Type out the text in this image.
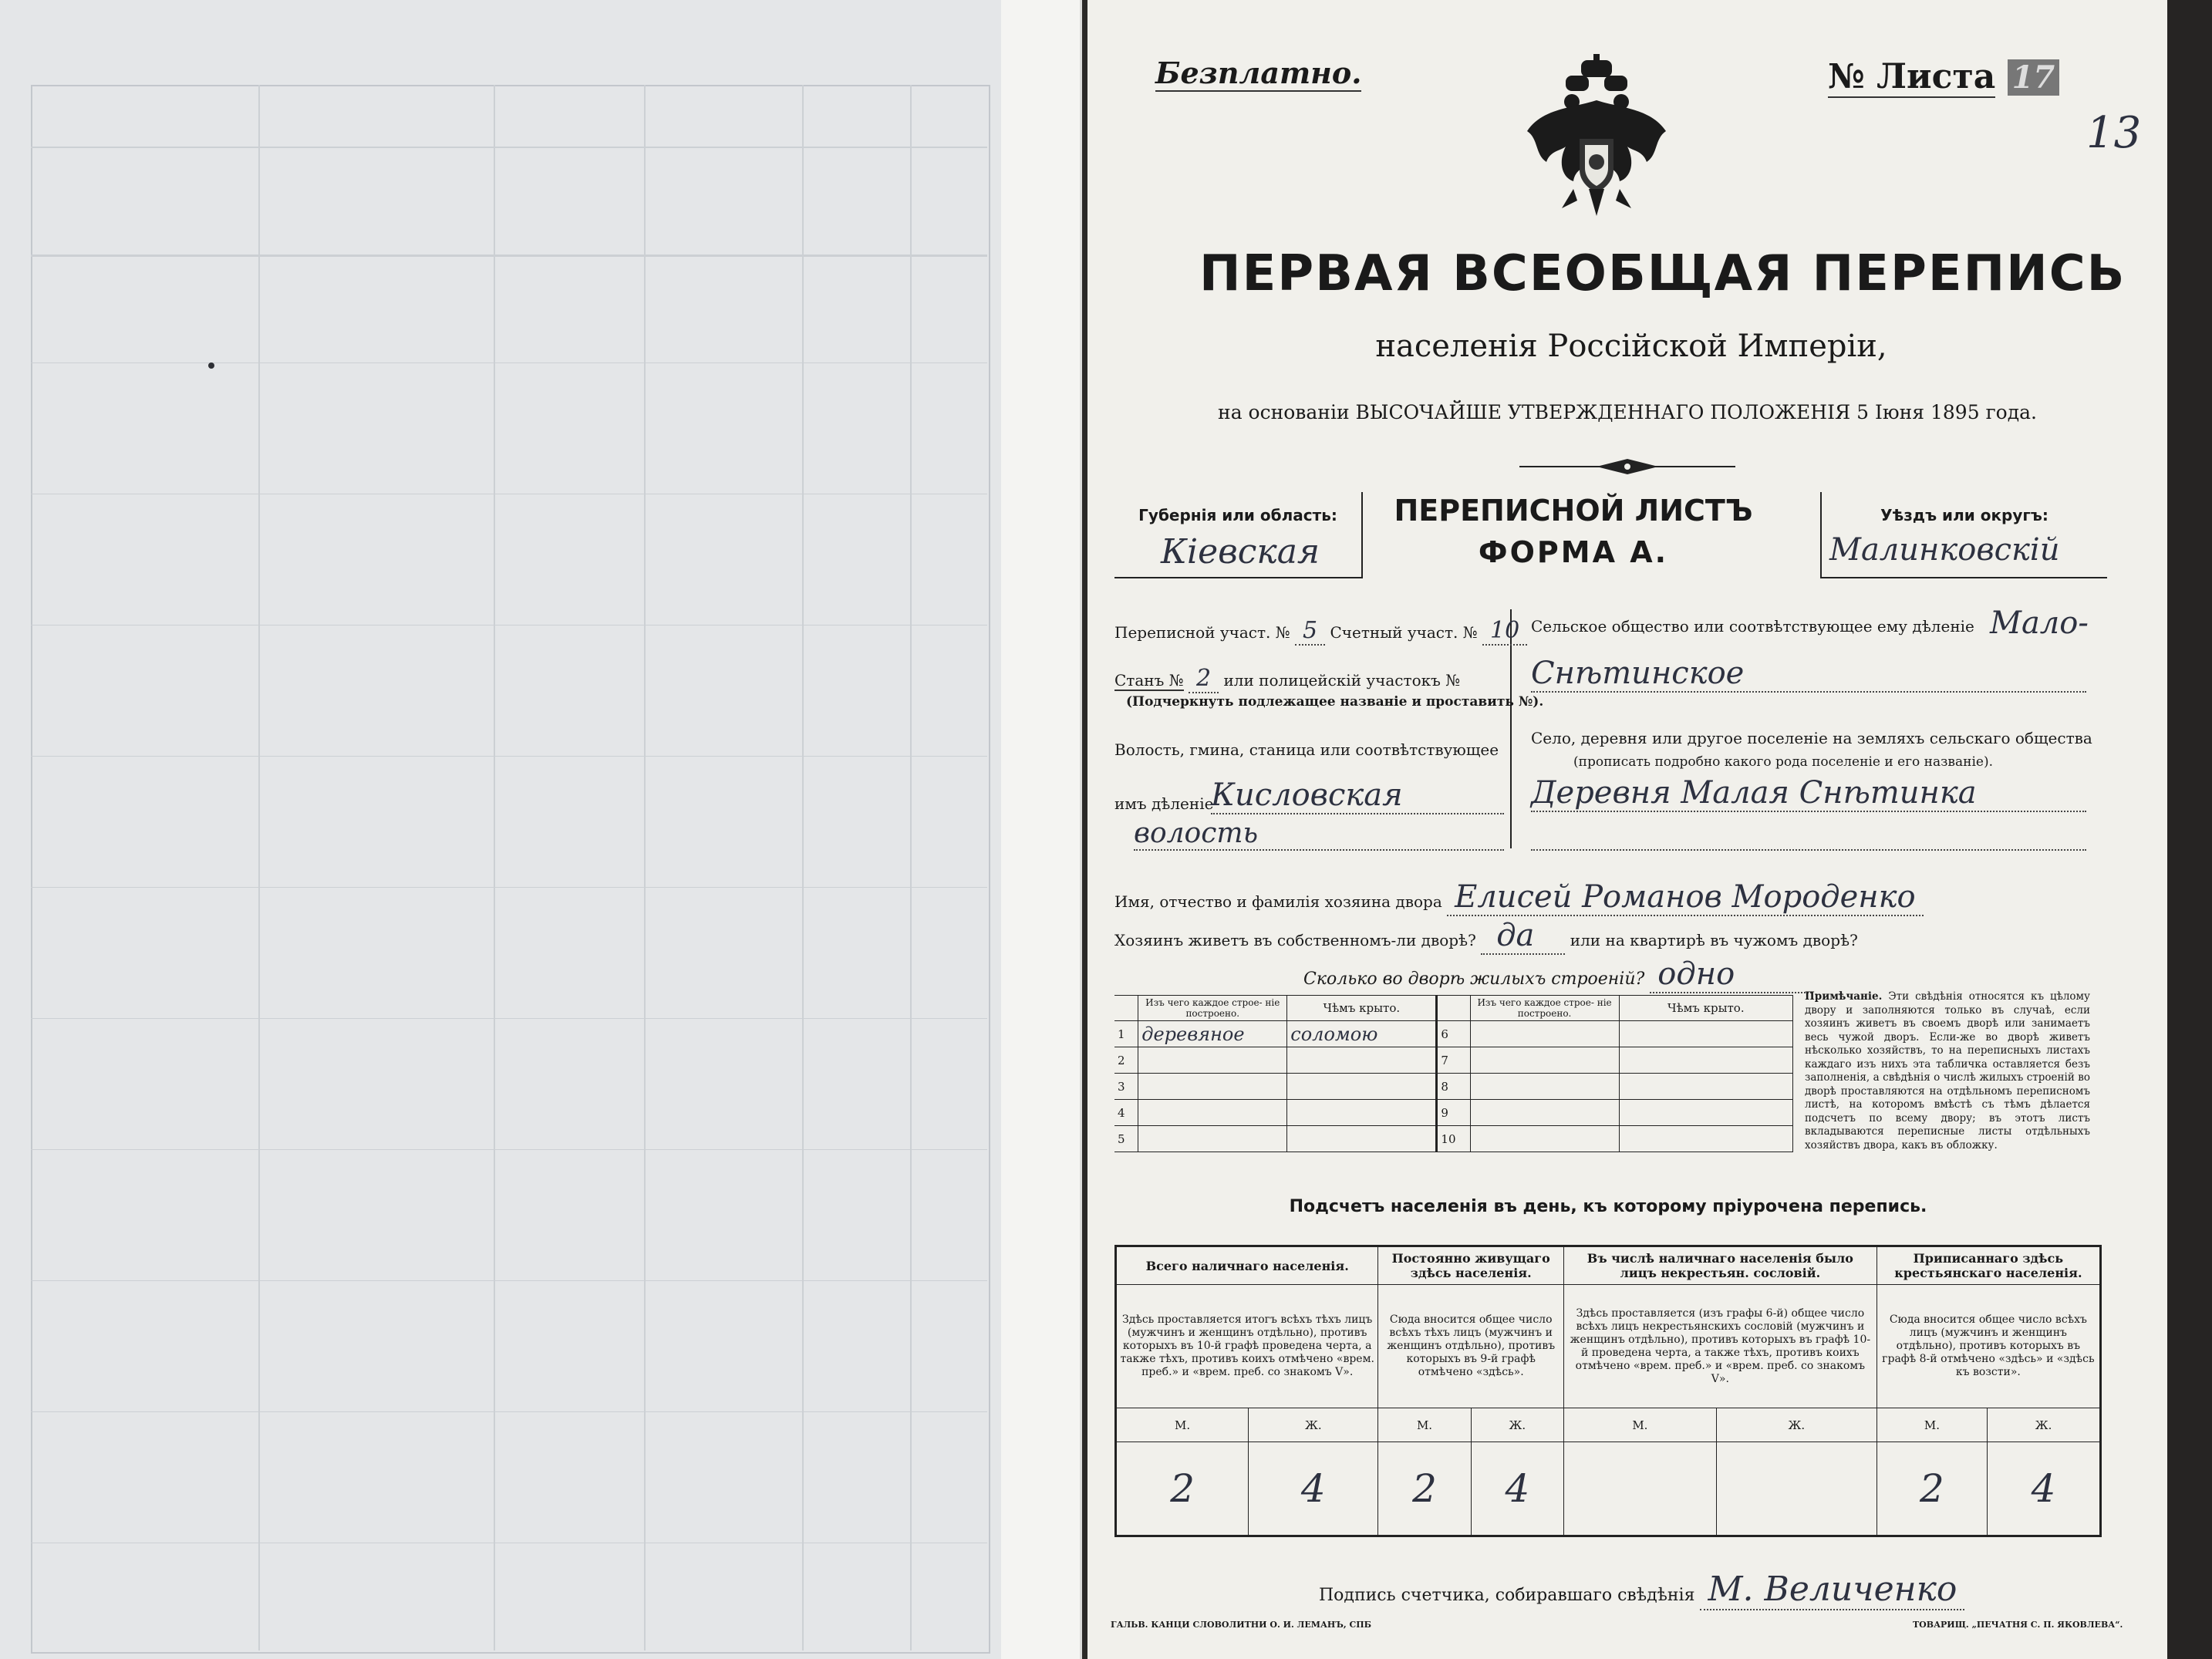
Безплатно.	№ Листа 17
13
ПЕРВАЯ ВСЕОБЩАЯ ПЕРЕПИСЬ
населенія Россійской Имперіи,
на основаніи ВЫСОЧАЙШЕ УТВЕРЖДЕННАГО ПОЛОЖЕНІЯ 5 Іюня 1895 года.
Губернія или область:
Кіевская
ПЕРЕПИСНОЙ ЛИСТЪ
ФОРМА А.
Уѣздъ или округъ:
Малинковскій
Переписной участ. № 5 Счетный участ. № 10
Станъ № 2 или полицейскій участокъ №
(Подчеркнуть подлежащее названіе и проставить №).
Волость, гмина, станица или соотвѣтствующее
имъ дѣленіе
Кисловская
волость
Сельское общество или соотвѣтствующее ему дѣленіе Мало-
Снѣтинское
Село, деревня или другое поселеніе на земляхъ сельскаго общества
(прописать подробно какого рода поселеніе и его названіе).
Деревня Малая Снѣтинка
Имя, отчество и фамилія хозяина двора Елисей Романов Мороденко
Хозяинъ живетъ въ собственномъ-ли дворѣ? да или на квартирѣ въ чужомъ дворѣ?
Сколько во дворѣ жилыхъ строеній? одно
	Изъ чего каждое строе- ніе построено.	Чѣмъ крыто.		Изъ чего каждое строе- ніе построено.	Чѣмъ крыто.
1	деревяное	соломою	6		
2			7		
3			8		
4			9		
5			10		
Примѣчаніе. Эти свѣдѣнія относятся къ цѣлому двору и заполняются только въ случаѣ, если хозяинъ живетъ въ своемъ дворѣ или занимаетъ весь чужой дворъ. Если-же во дворѣ живетъ нѣсколько хозяйствъ, то на переписныхъ листахъ каждаго изъ нихъ эта табличка оставляется безъ заполненія, а свѣдѣнія о числѣ жилыхъ строеній во дворѣ проставляются на отдѣльномъ переписномъ листѣ, на которомъ вмѣстѣ съ тѣмъ дѣлается подсчетъ по всему двору; въ этотъ листъ вкладываются переписные листы отдѣльныхъ хозяйствъ двора, какъ въ обложку.
Подсчетъ населенія въ день, къ которому пріурочена перепись.
Всего наличнаго населенія.		Постоянно живущаго здѣсь населенія.		Въ числѣ наличнаго населенія было лицъ некрестьян. сословій.		Приписаннаго здѣсь крестьянскаго населенія.	
Здѣсь проставляется итогъ всѣхъ тѣхъ лицъ (мужчинъ и женщинъ отдѣльно), противъ которыхъ въ 10-й графѣ проведена черта, а также тѣхъ, противъ коихъ отмѣчено «врем. преб.» и «врем. преб. со знакомъ V».		Сюда вносится общее число всѣхъ тѣхъ лицъ (мужчинъ и женщинъ отдѣльно), противъ которыхъ въ 9-й графѣ отмѣчено «здѣсь».		Здѣсь проставляется (изъ графы 6-й) общее число всѣхъ лицъ некрестьянскихъ сословій (мужчинъ и женщинъ отдѣльно), противъ которыхъ въ графѣ 10-й проведена черта, а также тѣхъ, противъ коихъ отмѣчено «врем. преб.» и «врем. преб. со знакомъ V».		Сюда вносится общее число всѣхъ лицъ (мужчинъ и женщинъ отдѣльно), противъ которыхъ въ графѣ 8-й отмѣчено «здѣсь» и «здѣсь къ возсти».	
М.	Ж.	М.	Ж.	М.	Ж.	М.	Ж.
2	4	2	4			2	4
Подпись счетчика, собиравшаго свѣдѣнія М. Величенко
ГАЛЬВ. КАНЦИ СЛОВОЛИТНИ О. И. ЛЕМАНЪ, СПБ	ТОВАРИЩ. „ПЕЧАТНЯ С. П. ЯКОВЛЕВА“.
